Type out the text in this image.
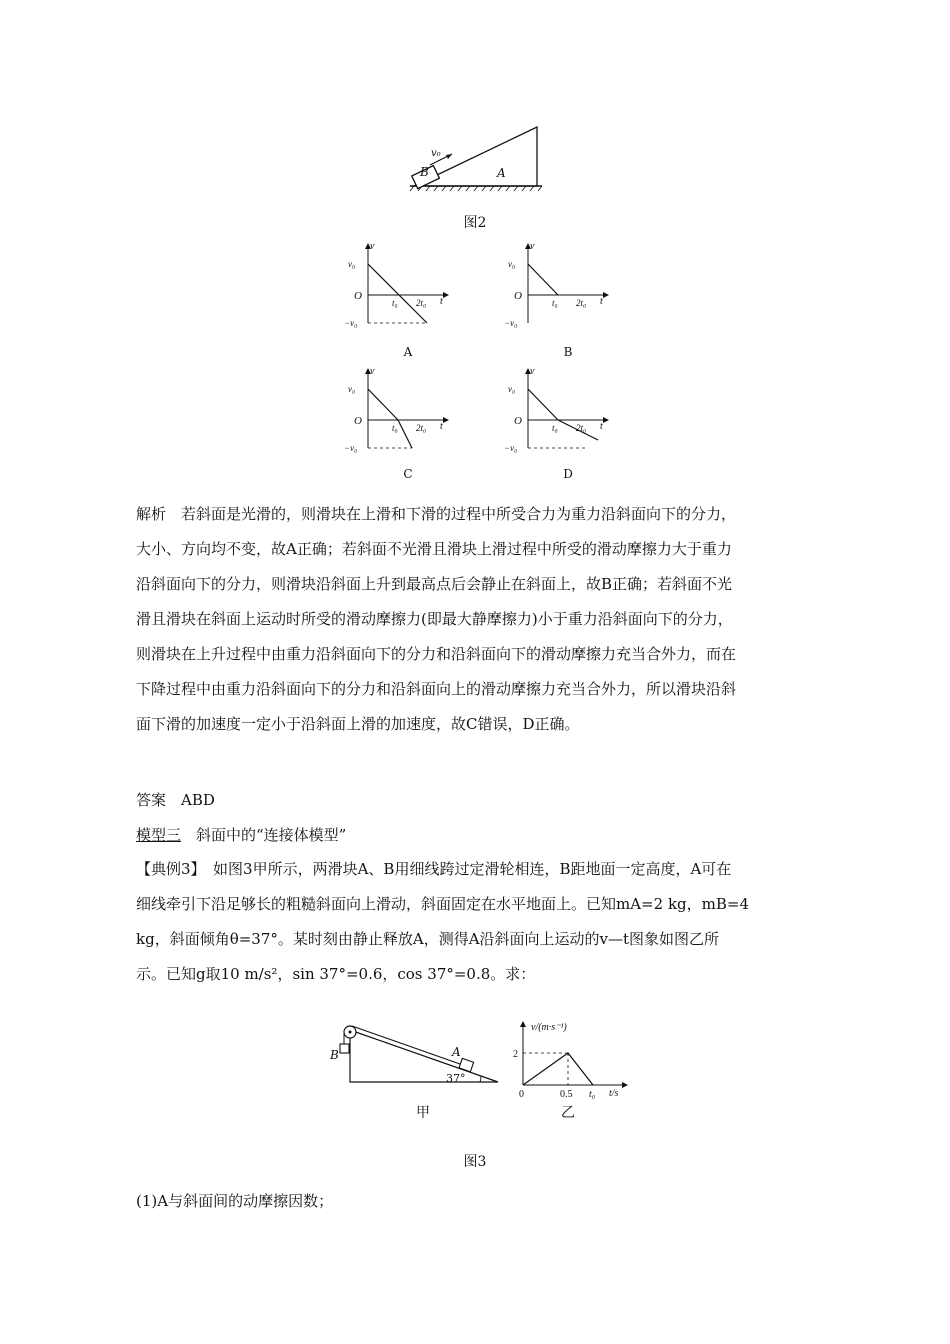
B	A
v₀
图2
v
t
O
v₀
−v₀
t₀ 2t₀
v
t
O
v₀
−v₀
t₀ 2t₀
v
t
O
v₀
−v₀
t₀ 2t₀
v
t
O
v₀
−v₀
t₀ 2t₀
A	B
C	D

解析　若斜面是光滑的，则滑块在上滑和下滑的过程中所受合力为重力沿斜面向下的分力，

大小、方向均不变，故A正确；若斜面不光滑且滑块上滑过程中所受的滑动摩擦力大于重力

沿斜面向下的分力，则滑块沿斜面上升到最高点后会静止在斜面上，故B正确；若斜面不光

滑且滑块在斜面上运动时所受的滑动摩擦力(即最大静摩擦力)小于重力沿斜面向下的分力，

则滑块在上升过程中由重力沿斜面向下的分力和沿斜面向下的滑动摩擦力充当合外力，而在

下降过程中由重力沿斜面向下的分力和沿斜面向上的滑动摩擦力充当合外力，所以滑块沿斜

面下滑的加速度一定小于沿斜面上滑的加速度，故C错误，D正确。

答案　ABD
模型三　斜面中的“连接体模型”

【典例3】　如图3甲所示，两滑块A、B用细线跨过定滑轮相连，B距地面一定高度，A可在

细线牵引下沿足够长的粗糙斜面向上滑动，斜面固定在水平地面上。已知mA=2 kg，mB=4

kg，斜面倾角θ=37°。某时刻由静止释放A，测得A沿斜面向上运动的v—t图象如图乙所

示。已知g取10 m/s²，sin 37°=0.6，cos 37°=0.8。求：

A
B
37°
甲
v/(m·s⁻¹)
t/s
0
2
0.5 t₀
乙
图3
(1)A与斜面间的动摩擦因数；
